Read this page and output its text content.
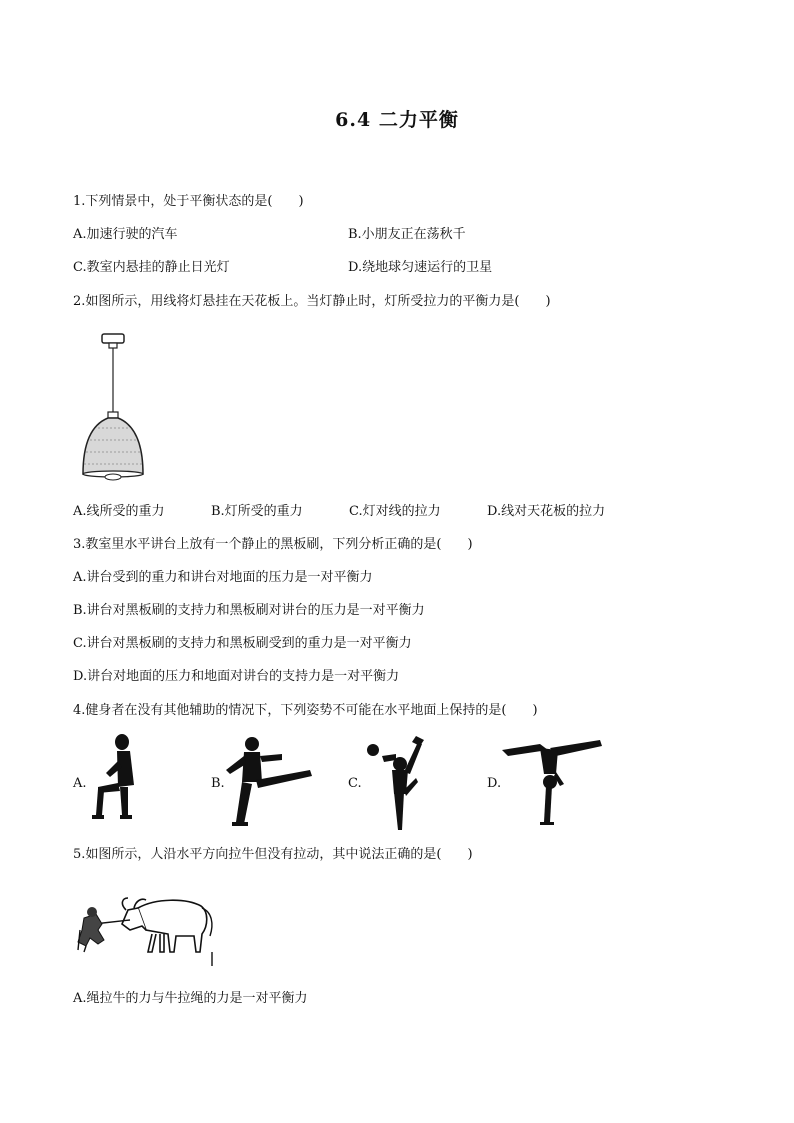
6.4 二力平衡
1.下列情景中，处于平衡状态的是(　　)
A.加速行驶的汽车	B.小朋友正在荡秋千
C.教室内悬挂的静止日光灯	D.绕地球匀速运行的卫星
2.如图所示，用线将灯悬挂在天花板上。当灯静止时，灯所受拉力的平衡力是(　　)
A.线所受的重力	B.灯所受的重力	C.灯对线的拉力	D.线对天花板的拉力
3.教室里水平讲台上放有一个静止的黑板刷，下列分析正确的是(　　)
A.讲台受到的重力和讲台对地面的压力是一对平衡力
B.讲台对黑板刷的支持力和黑板刷对讲台的压力是一对平衡力
C.讲台对黑板刷的支持力和黑板刷受到的重力是一对平衡力
D.讲台对地面的压力和地面对讲台的支持力是一对平衡力
4.健身者在没有其他辅助的情况下，下列姿势不可能在水平地面上保持的是(　　)
A.	B.	C.	D.
5.如图所示，人沿水平方向拉牛但没有拉动，其中说法正确的是(　　)
A.绳拉牛的力与牛拉绳的力是一对平衡力
